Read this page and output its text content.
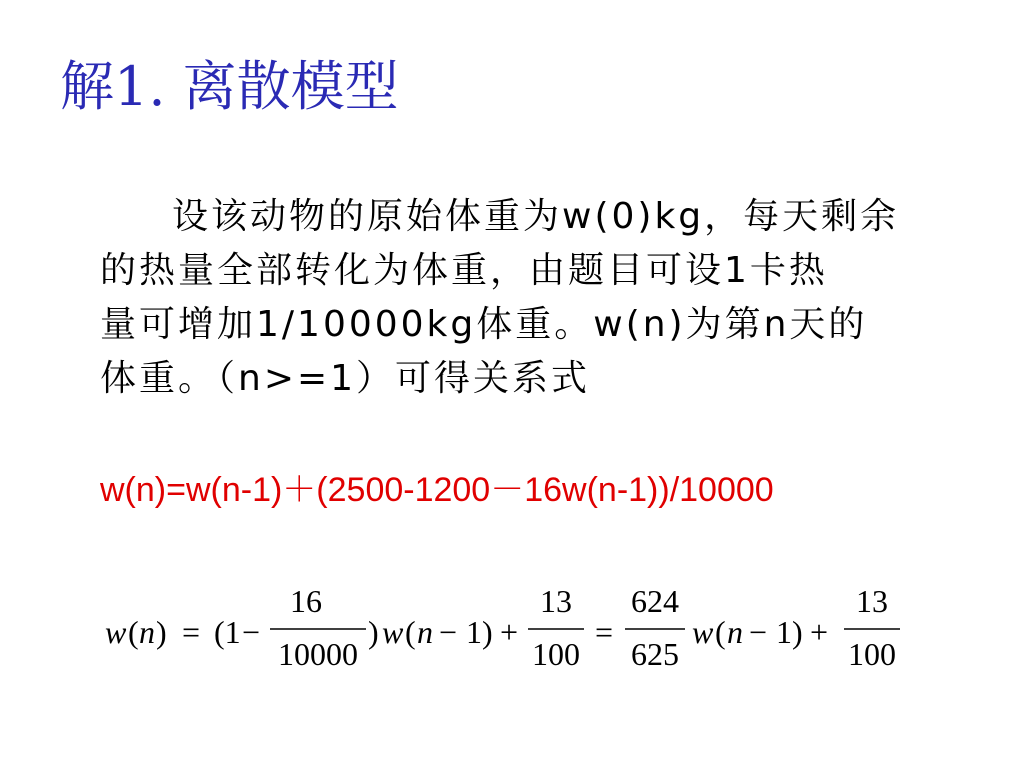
解1. 离散模型
设该动物的原始体重为w(0)kg，每天剩余
的热量全部转化为体重，由题目可设1卡热
量可增加1/10000kg体重。w(n)为第n天的
体重。（n>=1）可得关系式
w(n)=w(n-1)＋(2500-1200－16w(n-1))/10000
w ( n ) = (1 −
16
10000
) w ( n − 1) +
13
100
=
624
625
w ( n − 1) +
13
100
